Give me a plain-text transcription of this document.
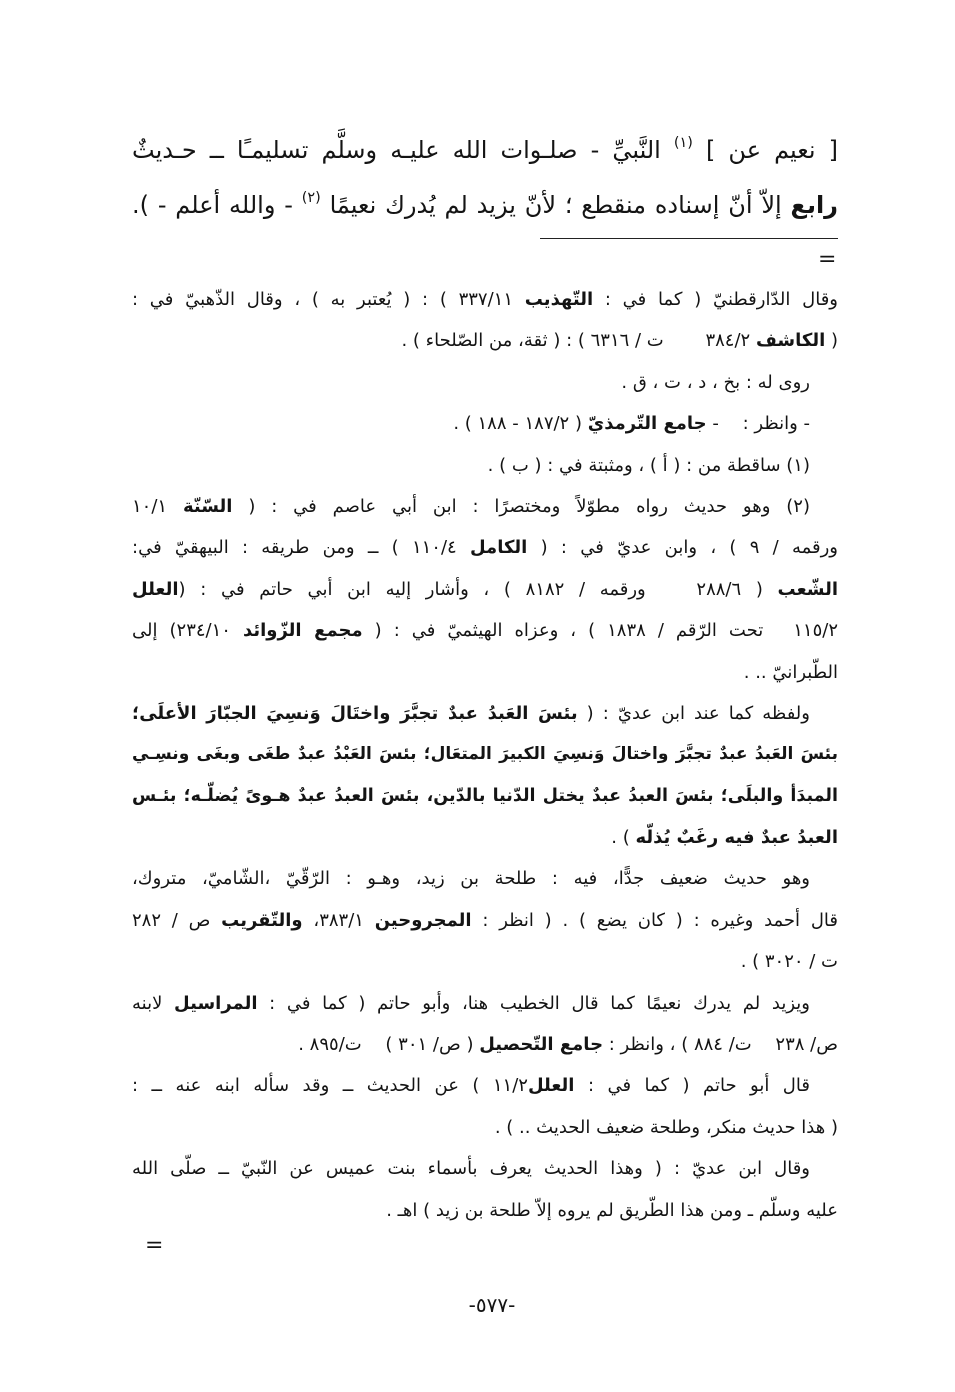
[ نعيم عن ] $^{(١)}$ النَّبيِّ - صلـوات الله عليـه وسلَّم تسليمـًا ــ حـديثٌ
رابع إلاّ أنّ إسناده منقطع ؛ لأنّ يزيد لم يُدرك نعيمًا $^{(٢)}$ - والله أعلم - ).
=
وقال الدّارقطنيّ ( كما في : التّهذيب ٣٣٧/١١ ) : ( يُعتبر به ) ، وقال الذّهبيّ في :
( الكاشف ٣٨٤/٢   ت / ٦٣١٦ ) : ( ثقة، من الصّلحاء ) .
روى له : بخ ، د ، ت ، ق .
- وانظر :  - جامع التّرمذيّ ( ١٨٧/٢ - ١٨٨ ) .
(١) ساقطة من : ( أ ) ، ومثبتة في : ( ب ) .
(٢) وهو حديث رواه مطوّلاً ومختصرًا : ابن أبي عاصم في : ( السّنّة ١٠/١
ورقمه / ٩ ) ، وابن عديّ في : ( الكامل ١١٠/٤ ) ــ ومن طريقه : البيهقيّ في:
الشّعب ( ٢٨٨/٦   ورقمه / ٨١٨٢ ) ، وأشار إليه ابن أبي حاتم في : (العلل
١١٥/٢  تحت الرّقم / ١٨٣٨ ) ، وعزاه الهيثميّ في : ( مجمع الزّوائد ٢٣٤/١٠) إلى
الطّبرانيّ .. .
ولفظه كما عند ابن عديّ : ( بئسَ العَبدُ عبدٌ تجبَّرَ واختَالَ وَنسِيَ الجبّارَ الأعلَى؛
بئسَ العَبدُ عبدٌ تجبَّرَ واختالَ وَنسِيَ الكبيرَ المتعَال؛ بئسَ العَبْدُ عبدٌ طغَى وبغَى ونسِـي
المبدَأ والبلَى؛ بئسَ العبدُ عبدٌ يختل الدّنيا بالدّين، بئسَ العبدُ عبدٌ هـوىً يُضلّـه؛ بئـس
العبدُ عبدٌ فيه رغَبٌ يُذلّه ) .
وهو حديث ضعيف جدًّا، فيه : طلحة بن زيد، وهـو : الرّقّيّ ،الشّاميّ، متروك،
قال أحمد وغيره : ( كان يضع ) . ( انظر : المجروحين ٣٨٣/١، والتّقريب ص / ٢٨٢
ت / ٣٠٢٠ ) .
ويزيد لم يدرك نعيمًا كما قال الخطيب هنا، وأبو حاتم ( كما في : المراسيل لابنه
ص/ ٢٣٨  ت/ ٨٨٤ ) ، وانظر : جامع التّحصيل ( ص/ ٣٠١ )  ت/٨٩٥ .
قال أبو حاتم ( كما في : العلل١١/٢ ) عن الحديث ــ وقد سأله ابنه عنه ــ :
( هذا حديث منكر، وطلحة ضعيف الحديث .. ) .
وقال ابن عديّ : ( وهذا الحديث يعرف بأسماء بنت عميس عن النّبيّ ــ صلّى الله
عليه وسلّم ـ ومن هذا الطّريق لم يروه إلاّ طلحة بن زيد ) اهـ .
=
-٥٧٧-
